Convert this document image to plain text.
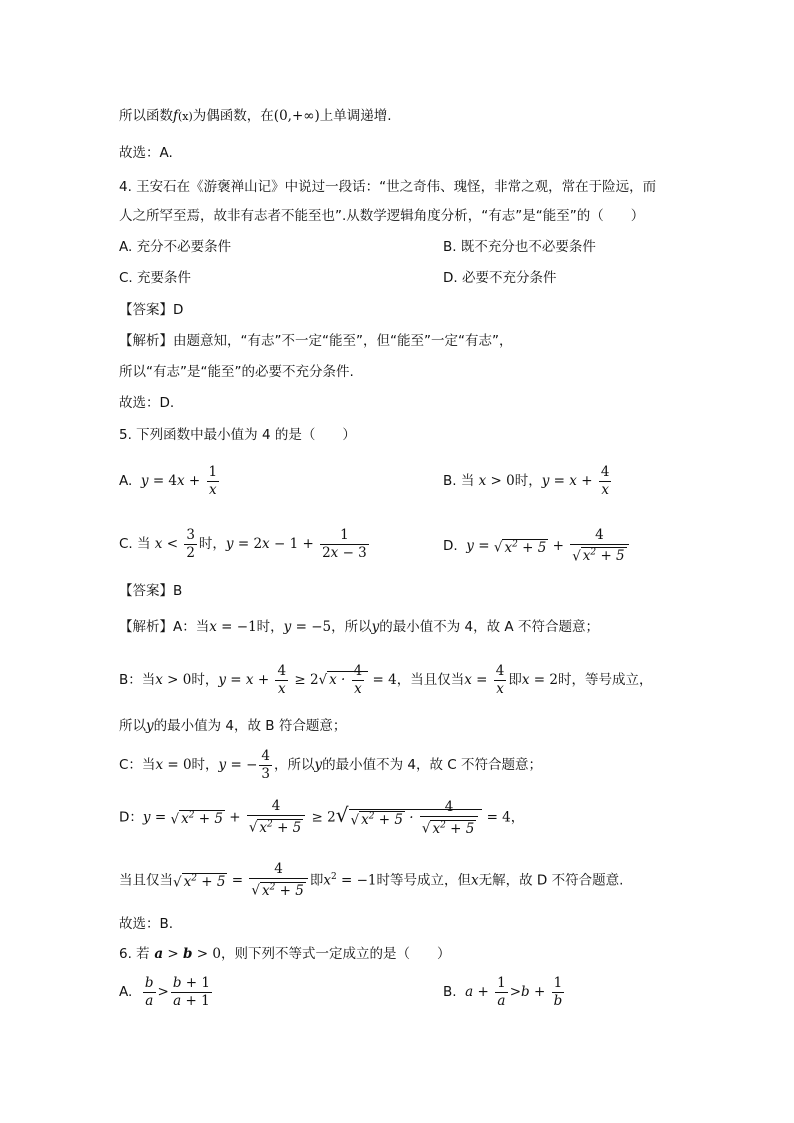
所以函数f(x)为偶函数，在(0,+∞)上单调递增.
故选：A.
4. 王安石在《游褒禅山记》中说过一段话：“世之奇伟、瑰怪，非常之观，常在于险远，而
人之所罕至焉，故非有志者不能至也”.从数学逻辑角度分析，“有志”是“能至”的（　　）
A. 充分不必要条件	B. 既不充分也不必要条件
C. 充要条件	D. 必要不充分条件
【答案】D
【解析】由题意知，“有志”不一定“能至”，但“能至”一定“有志”，
所以“有志”是“能至”的必要不充分条件.
故选：D.
5. 下列函数中最小值为 4 的是（　　）
A. $y = 4x + \frac{1}{x}$	B. 当 x > 0时，$y = x + \frac{4}{x}$
C. 当 $x < \frac{3}{2}$ 时，$y = 2x - 1 + \frac{1}{2x - 3}$	D. y = √ $x^2 + 5 + \frac{4}{√ x^2 + 5}$
【答案】B
【解析】A：当x = −1时，y = −5，所以y的最小值不为 4，故 A 不符合题意；
B：当x > 0时，$y = x + \frac{4}{x} \ge 2√$ $x \cdot \frac{4}{x} = 4$，当且仅当$x = \frac{4}{x}$ 即x = 2时，等号成立，
所以y的最小值为 4，故 B 符合题意；
C：当x = 0时，y = − $\frac{4}{3}$ ，所以y的最小值不为 4，故 C 不符合题意；
D：y = √ $x^2 + 5 + \frac{4}{√ x^2 + 5} \ge 2√$ √ $x^2 + 5 \cdot \frac{4}{√ x^2 + 5} = 4$，
当且仅当√ $x^2 + 5 = \frac{4}{√ x^2 + 5}$ 即$x^2 = -1$时等号成立，但x无解，故 D 不符合题意.
故选：B.
6. 若 a > b > 0，则下列不等式一定成立的是（　　）
A. $\frac{b}{a} > \frac{b + 1}{a + 1}$	B. $a + \frac{1}{a} >b + \frac{1}{b}$
